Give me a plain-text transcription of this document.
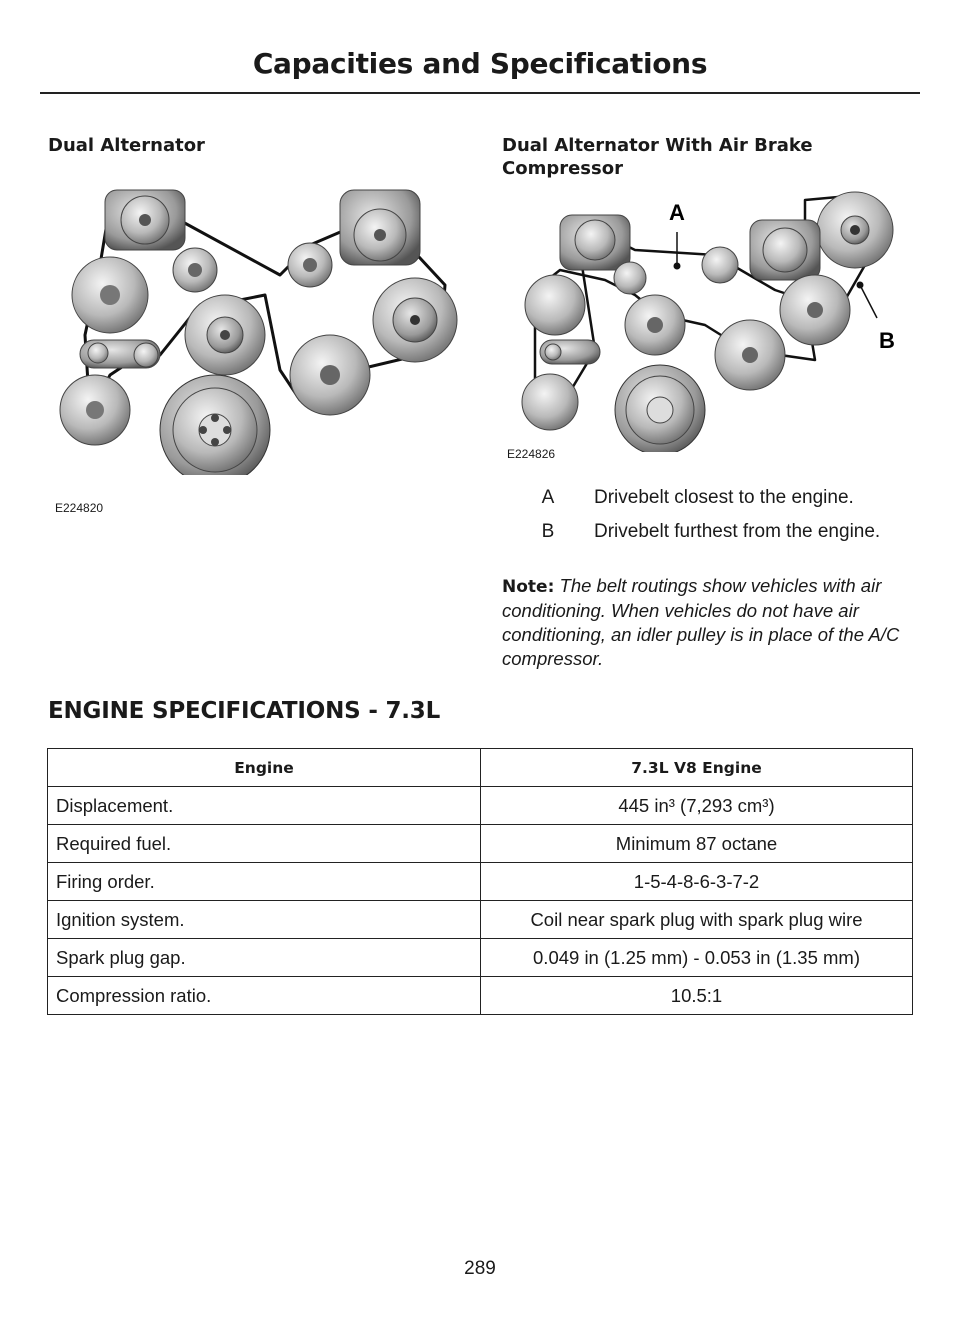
Capacities and Specifications
Dual Alternator	Dual Alternator With Air Brake
Compressor
E224820
A
B
E224826
A	Drivebelt closest to the engine.
B	Drivebelt furthest from the engine.
Note: The belt routings show vehicles with air conditioning. When vehicles do not have air conditioning, an idler pulley is in place of the A/C compressor.
ENGINE SPECIFICATIONS - 7.3L
Engine	7.3L V8 Engine
Displacement.	445 in³ (7,293 cm³)
Required fuel.	Minimum 87 octane
Firing order.	1-5-4-8-6-3-7-2
Ignition system.	Coil near spark plug with spark plug wire
Spark plug gap.	0.049 in (1.25 mm) - 0.053 in (1.35 mm)
Compression ratio.	10.5:1
289
